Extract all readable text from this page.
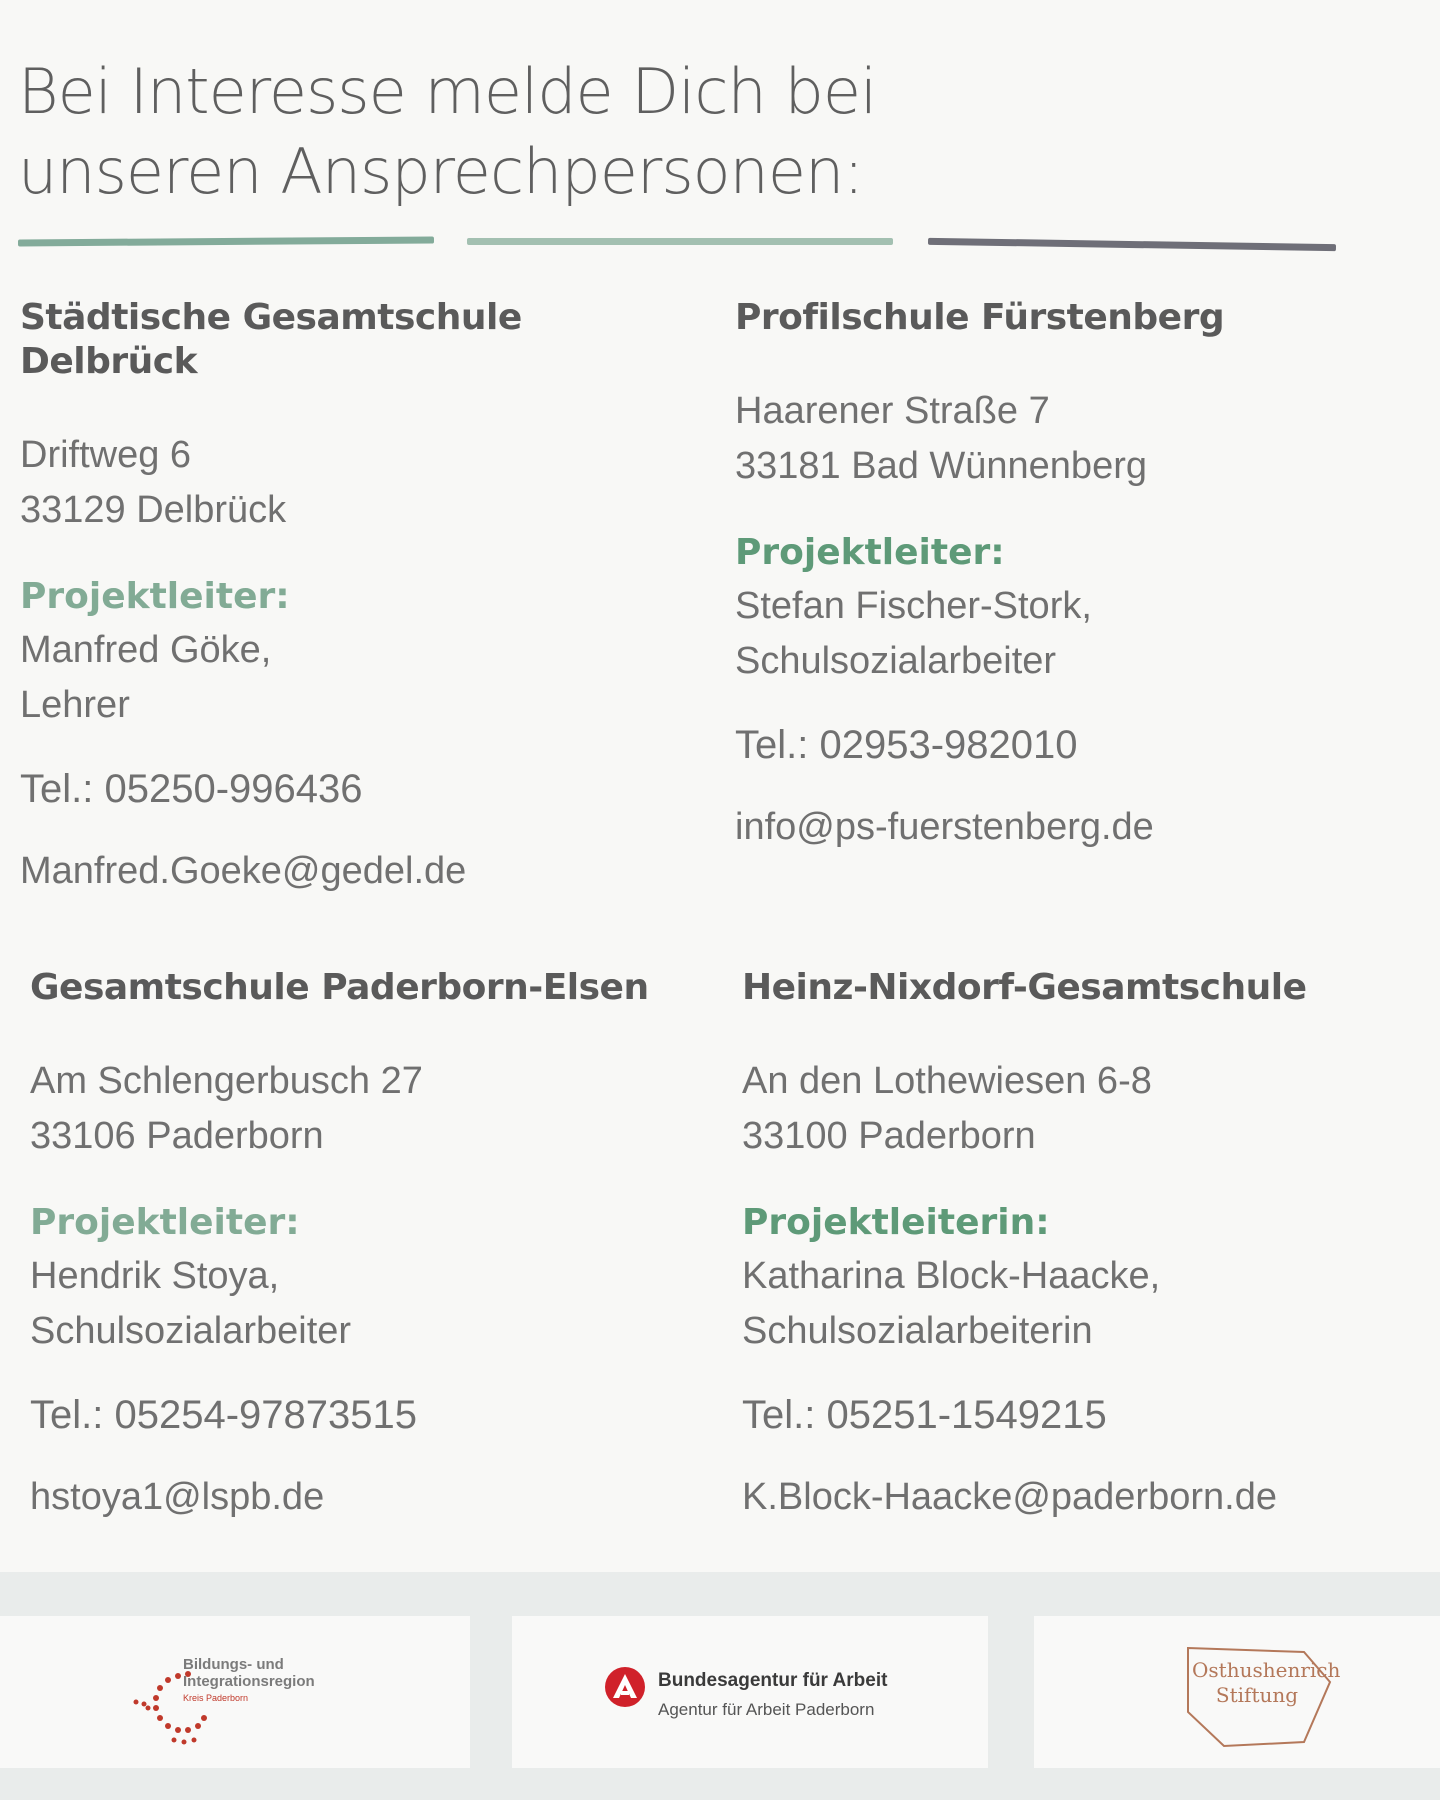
Bei Interesse melde Dich bei
unseren Ansprechpersonen:
Städtische Gesamtschule Delbrück
Driftweg 6
33129 Delbrück
Projektleiter:
Manfred Göke,
Lehrer
Tel.: 05250-996436
Manfred.Goeke@gedel.de
Profilschule Fürstenberg
Haarener Straße 7
33181 Bad Wünnenberg
Projektleiter:
Stefan Fischer-Stork,
Schulsozialarbeiter
Tel.: 02953-982010
info@ps-fuerstenberg.de
Gesamtschule Paderborn-Elsen
Am Schlengerbusch 27
33106 Paderborn
Projektleiter:
Hendrik Stoya,
Schulsozialarbeiter
Tel.: 05254-97873515
hstoya1@lspb.de
Heinz-Nixdorf-Gesamtschule
An den Lothewiesen 6-8
33100 Paderborn
Projektleiterin:
Katharina Block-Haacke,
Schulsozialarbeiterin
Tel.: 05251-1549215
K.Block-Haacke@paderborn.de
Bildungs- und
Integrationsregion
Kreis Paderborn
Bundesagentur für Arbeit
Agentur für Arbeit Paderborn
Osthushenrich
Stiftung
